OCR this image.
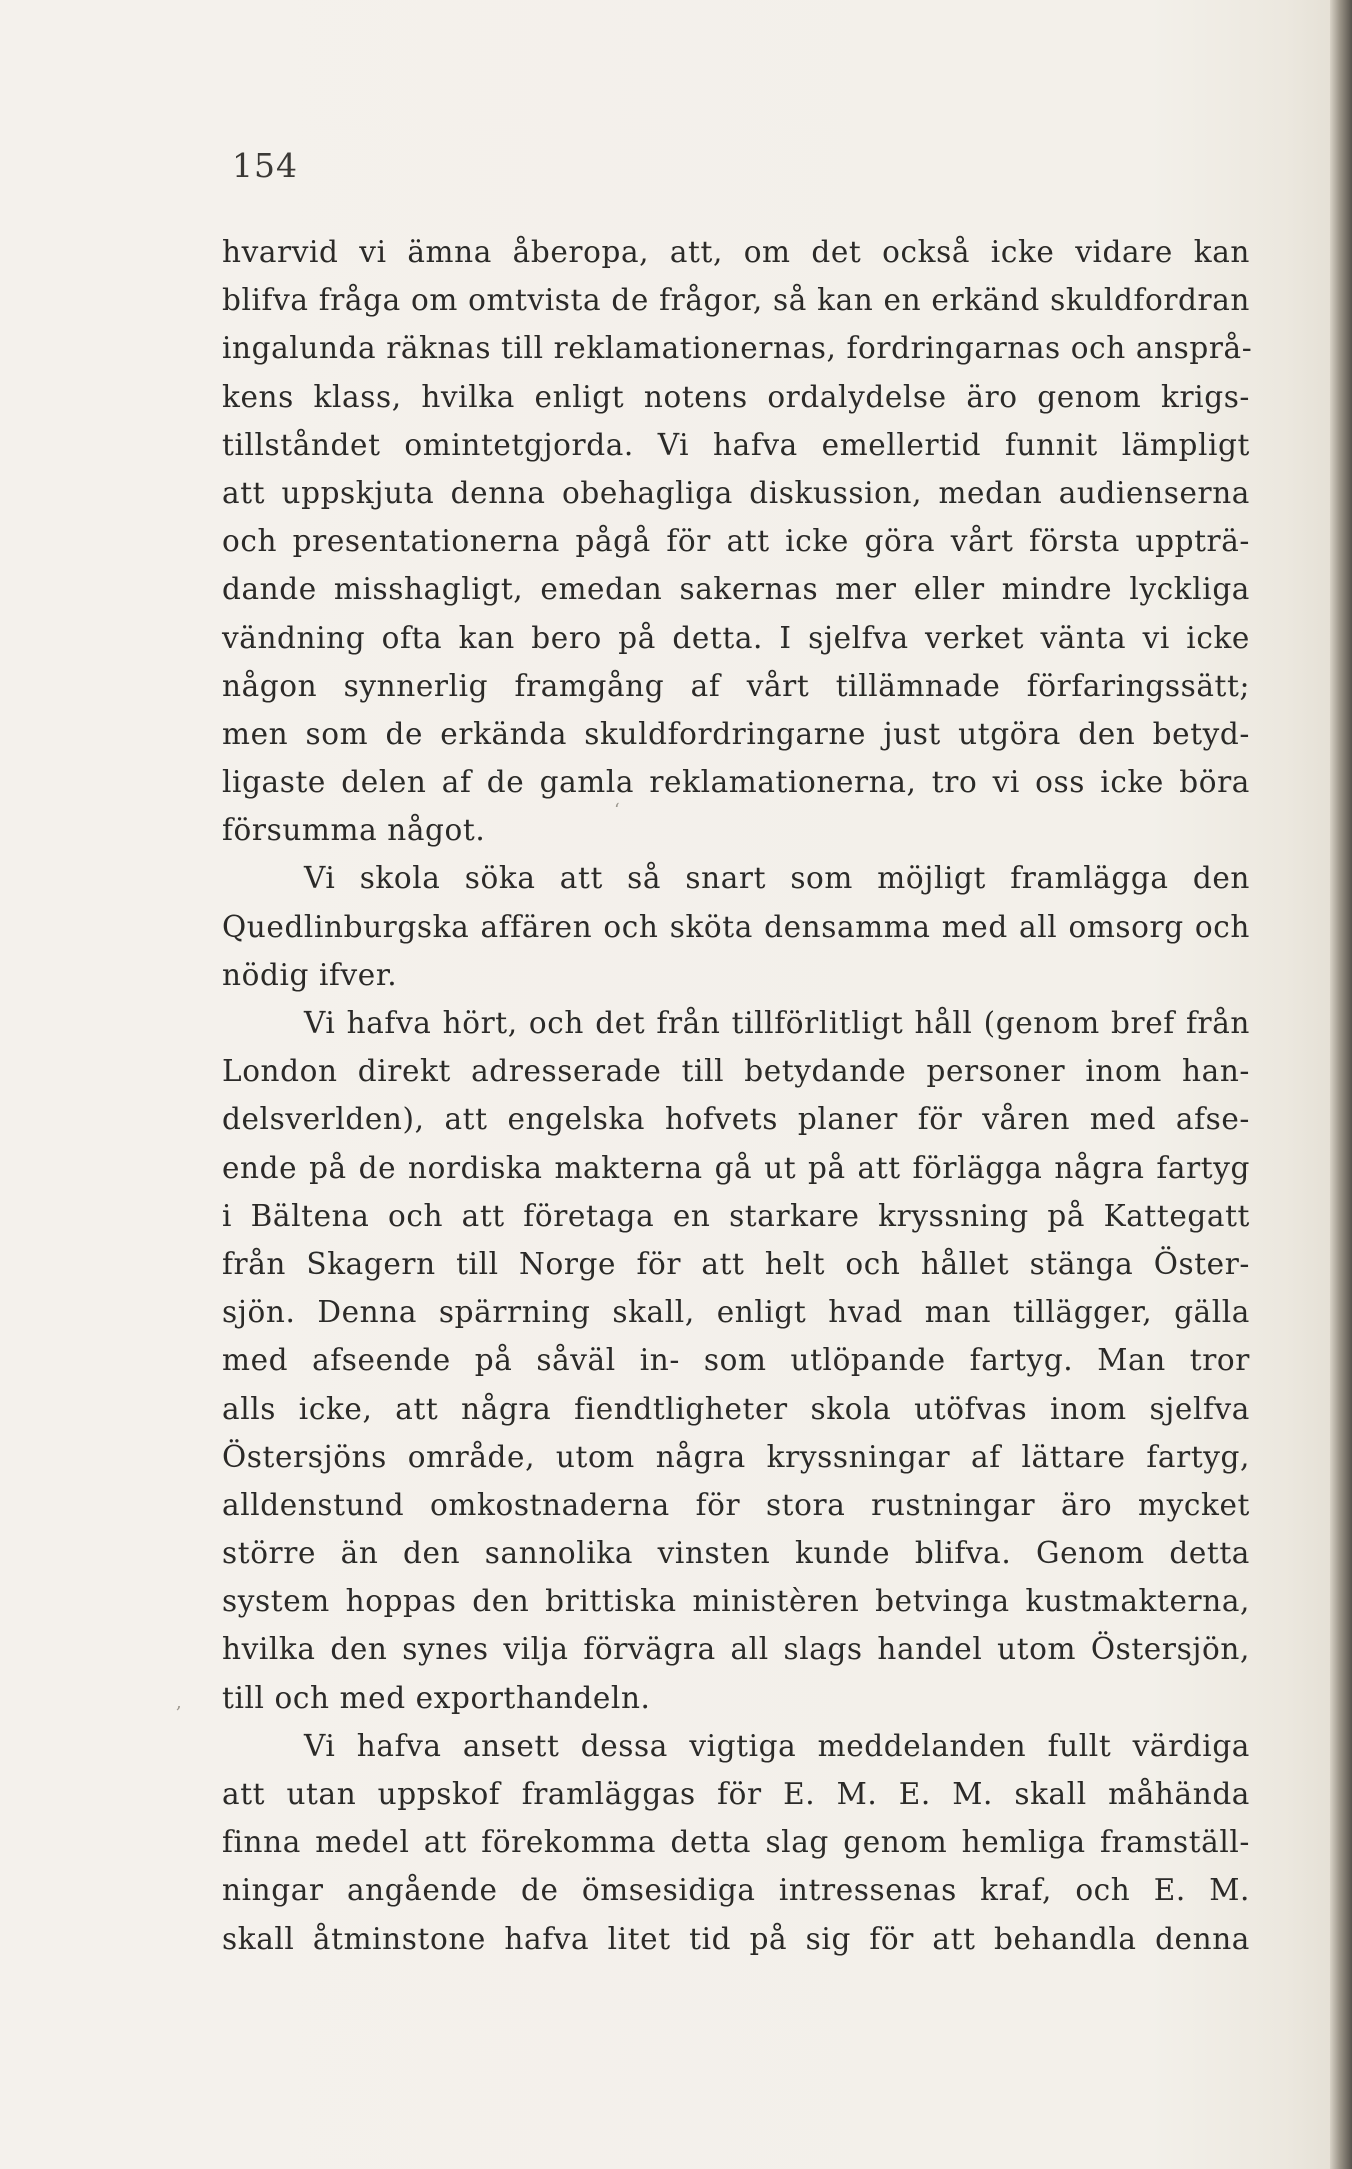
154
hvarvid vi ämna åberopa, att, om det också icke vidare kan
blifva fråga om omtvista de frågor, så kan en erkänd skuldfordran
ingalunda räknas till reklamationernas, fordringarnas och ansprå-
kens klass, hvilka enligt notens ordalydelse äro genom krigs-
tillståndet omintetgjorda. Vi hafva emellertid funnit lämpligt
att uppskjuta denna obehagliga diskussion, medan audienserna
och presentationerna pågå för att icke göra vårt första uppträ-
dande misshagligt, emedan sakernas mer eller mindre lyckliga
vändning ofta kan bero på detta. I sjelfva verket vänta vi icke
någon synnerlig framgång af vårt tillämnade förfaringssätt;
men som de erkända skuldfordringarne just utgöra den betyd-
ligaste delen af de gamla reklamationerna, tro vi oss icke böra
försumma något.
Vi skola söka att så snart som möjligt framlägga den
Quedlinburgska affären och sköta densamma med all omsorg och
nödig ifver.
Vi hafva hört, och det från tillförlitligt håll (genom bref från
London direkt adresserade till betydande personer inom han-
delsverlden), att engelska hofvets planer för våren med afse-
ende på de nordiska makterna gå ut på att förlägga några fartyg
i Bältena och att företaga en starkare kryssning på Kattegatt
från Skagern till Norge för att helt och hållet stänga Öster-
sjön. Denna spärrning skall, enligt hvad man tillägger, gälla
med afseende på såväl in- som utlöpande fartyg. Man tror
alls icke, att några fiendtligheter skola utöfvas inom sjelfva
Östersjöns område, utom några kryssningar af lättare fartyg,
alldenstund omkostnaderna för stora rustningar äro mycket
större än den sannolika vinsten kunde blifva. Genom detta
system hoppas den brittiska ministèren betvinga kustmakterna,
hvilka den synes vilja förvägra all slags handel utom Östersjön,
till och med exporthandeln.
Vi hafva ansett dessa vigtiga meddelanden fullt värdiga
att utan uppskof framläggas för E. M. E. M. skall måhända
finna medel att förekomma detta slag genom hemliga framställ-
ningar angående de ömsesidiga intressenas kraf, och E. M.
skall åtminstone hafva litet tid på sig för att behandla denna
‘
,
